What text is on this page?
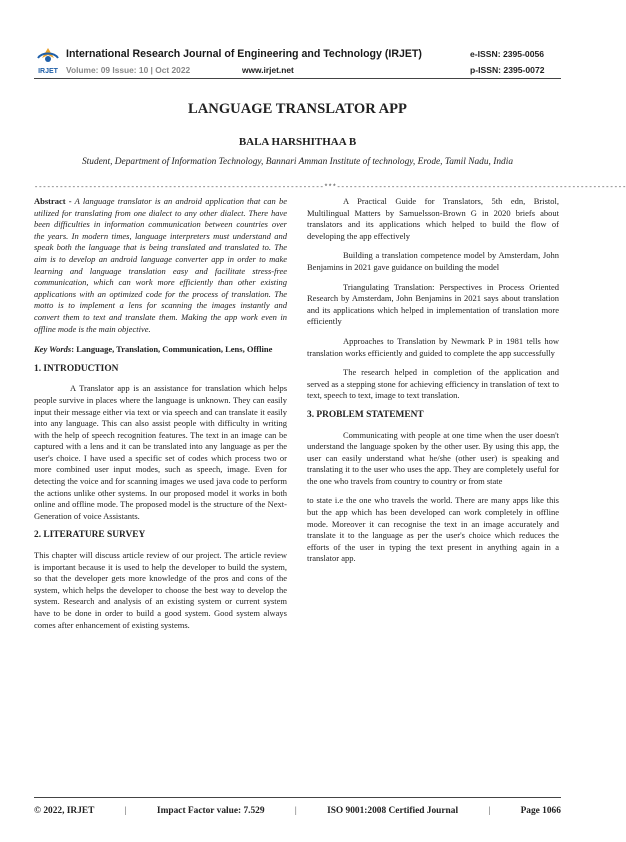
IRJET
International Research Journal of Engineering and Technology (IRJET)	e-ISSN: 2395-0056
Volume: 09 Issue: 10 | Oct 2022	www.irjet.net	p-ISSN: 2395-0072
LANGUAGE TRANSLATOR APP
BALA HARSHITHAA B
Student, Department of Information Technology, Bannari Amman Institute of technology, Erode, Tamil Nadu, India
---------------------------------------------------------------------***---------------------------------------------------------------------

Abstract - A language translator is an android application that can be utilized for translating from one dialect to any other dialect. There have been difficulties in information communication between countries over the years. In modern times, language interpreters must understand and speak both the language that is being translated and translated to. The aim is to develop an android language converter app in order to make learning and language translation easy and facilitate stress-free communication, which can work more efficiently than other existing applications with an optimized code for the process of translation. The motto is to implement a lens for scanning the images instantly and convert them to text and translate them. Making the app work even in offline mode is the main objective.

Key Words: Language, Translation, Communication, Lens, Offline

1. INTRODUCTION

A Translator app is an assistance for translation which helps people survive in places where the language is unknown. They can easily input their message either via text or via speech and can translate it easily into any language. This can also assist people with difficulty in writing with the help of speech recognition features. The text in an image can be captured with a lens and it can be translated into any language as per the user's choice. I have used a specific set of codes which process two or more combined user input modes, such as speech, image. Even for detecting the voice and for scanning images we used java code to perform the actions unlike other systems. In our proposed model it works in both online and offline mode. The proposed model is the structure of the Next-Generation of voice Assistants.

2. LITERATURE SURVEY

This chapter will discuss article review of our project. The article review is important because it is used to help the developer to build the system, so that the developer gets more knowledge of the pros and cons of the system, which helps the developer to choose the best way to develop the system. Research and analysis of an existing system or current system have to be done in order to build a good system. Good system always comes after enhancement of existing systems.

A Practical Guide for Translators, 5th edn, Bristol, Multilingual Matters by Samuelsson-Brown G in 2020 briefs about translators and its applications which helped to build the flow of developing the app effectively

Building a translation competence model by Amsterdam, John Benjamins in 2021 gave guidance on building the model

Triangulating Translation: Perspectives in Process Oriented Research by Amsterdam, John Benjamins in 2021 says about translation and its applications which helped in implementation of translation more efficiently

Approaches to Translation by Newmark P in 1981 tells how translation works efficiently and guided to complete the app successfully

The research helped in completion of the application and served as a stepping stone for achieving efficiency in translation of text to text, speech to text, image to text translation.

3. PROBLEM STATEMENT

Communicating with people at one time when the user doesn't understand the language spoken by the other user. By using this app, the user can easily understand what he/she (other user) is speaking and translating it to the user who uses the app. They are completely useful for the one who travels from country to country or from state

to state i.e the one who travels the world. There are many apps like this but the app which has been developed can work completely in offline mode. Moreover it can recognise the text in an image accurately and translate it to the language as per the user's choice which reduces the efforts of the user in typing the text present in anything again in a translator app.

© 2022, IRJET	|	Impact Factor value: 7.529	|	ISO 9001:2008 Certified Journal	|	Page 1066
